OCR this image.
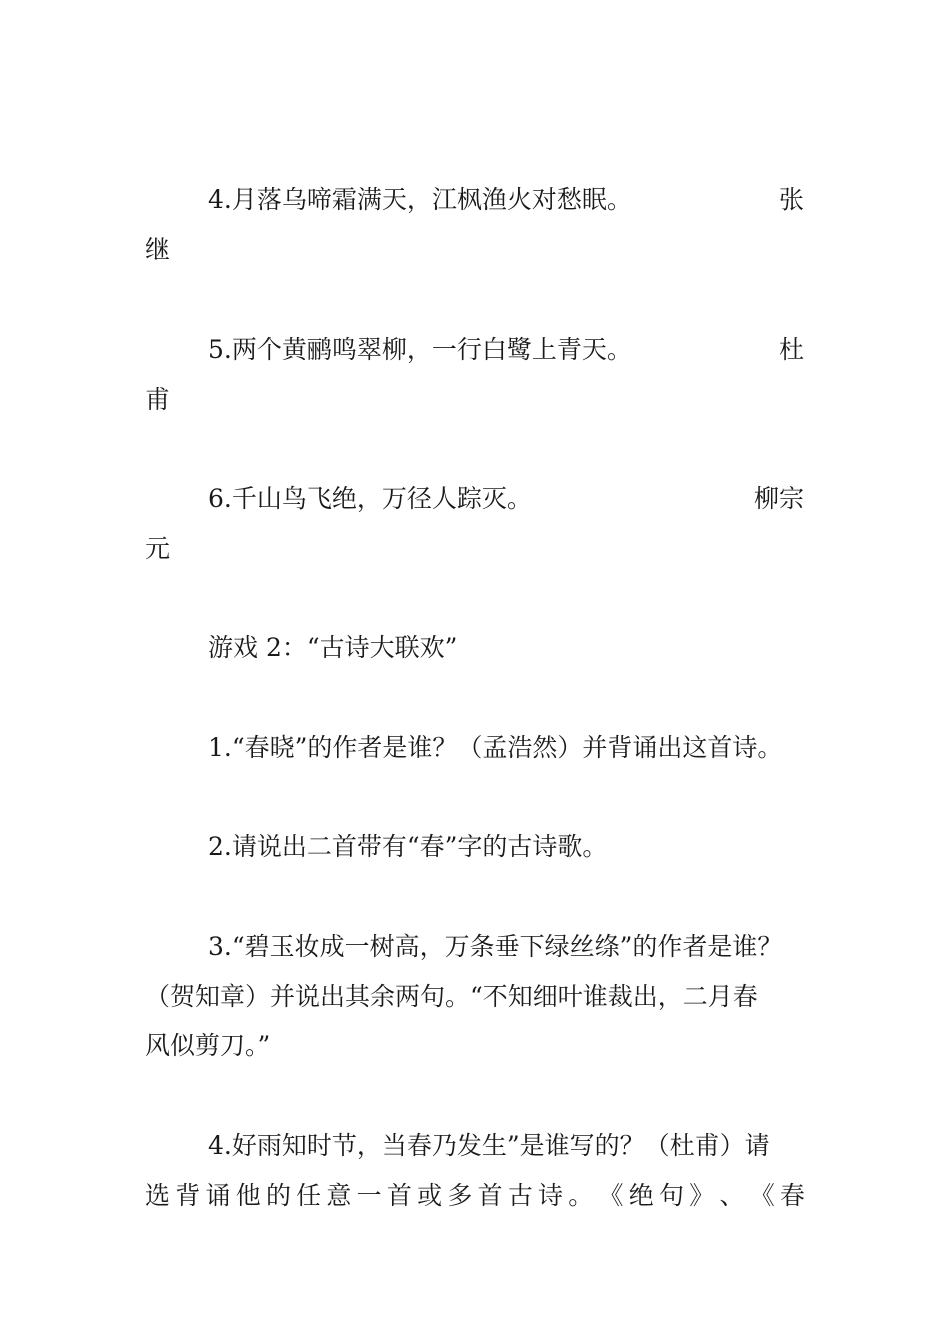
4.月落乌啼霜满天，江枫渔火对愁眠。	张
继
5.两个黄鹂鸣翠柳，一行白鹭上青天。	杜
甫
6.千山鸟飞绝，万径人踪灭。	柳宗
元
游戏 2：“古诗大联欢”
1.“春晓”的作者是谁？（孟浩然）并背诵出这首诗。
2.请说出二首带有“春”字的古诗歌。
3.“碧玉妆成一树高，万条垂下绿丝绦”的作者是谁？
（贺知章）并说出其余两句。“不知细叶谁裁出，二月春
风似剪刀。”
4.好雨知时节，当春乃发生”是谁写的？（杜甫）请
选 背 诵 他 的 任 意 一 首 或 多 首 古 诗 。 《 绝 句 》 、 《 春
